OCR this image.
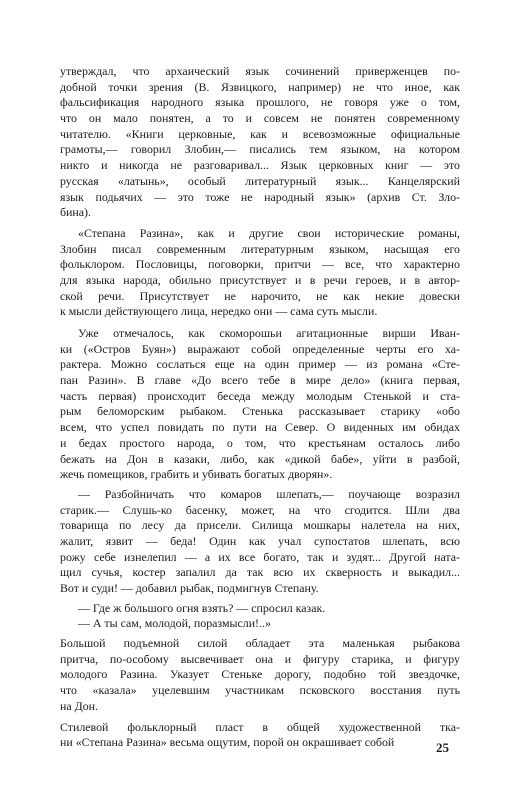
утверждал, что архаический язык сочинений приверженцев по-
добной точки зрения (В. Язвицкого, например) не что иное, как
фальсификация народного языка прошлого, не говоря уже о том,
что он мало понятен, а то и совсем не понятен современному
читателю. «Книги церковные, как и всевозможные официальные
грамоты,— говорил Злобин,— писались тем языком, на котором
никто и никогда не разговаривал... Язык церковных книг — это
русская «латынь», особый литературный язык... Канцелярский
язык подьячих — это тоже не народный язык» (архив Ст. Зло-
бина).
«Степана Разина», как и другие свои исторические романы,
Злобин писал современным литературным языком, насыщая его
фольклором. Пословицы, поговорки, притчи — все, что характерно
для языка народа, обильно присутствует и в речи героев, и в автор-
ской речи. Присутствует не нарочито, не как некие довески
к мысли действующего лица, нередко они — сама суть мысли.
Уже отмечалось, как скоморошьи агитационные вирши Иван-
ки («Остров Буян») выражают собой определенные черты его ха-
рактера. Можно сослаться еще на один пример — из романа «Сте-
пан Разин». В главе «До всего тебе в мире дело» (книга первая,
часть первая) происходит беседа между молодым Стенькой и ста-
рым беломорским рыбаком. Стенька рассказывает старику «обо
всем, что успел повидать по пути на Север. О виденных им обидах
и бедах простого народа, о том, что крестьянам осталось либо
бежать на Дон в казаки, либо, как «дикой бабе», уйти в разбой,
жечь помещиков, грабить и убивать богатых дворян».
— Разбойничать что комаров шлепать,— поучающе возразил
старик.— Слушь-ко басенку, может, на что сгодится. Шли два
товарища по лесу да присели. Силища мошкары налетела на них,
жалит, язвит — беда! Один как учал супостатов шлепать, всю
рожу себе изнелепил — а их все богато, так и зудят... Другой ната-
щил сучья, костер запалил да так всю их скверность и выкадил...
Вот и суди! — добавил рыбак, подмигнув Степану.
— Где ж большого огня взять? — спросил казак.
— А ты сам, молодой, поразмысли!..»
Большой подъемной силой обладает эта маленькая рыбакова
притча, по-особому высвечивает она и фигуру старика, и фигуру
молодого Разина. Указует Стеньке дорогу, подобно той звездочке,
что «казала» уцелевшим участникам псковского восстания путь
на Дон.
Стилевой фольклорный пласт в общей художественной тка-
ни «Степана Разина» весьма ощутим, порой он окрашивает собой	25
